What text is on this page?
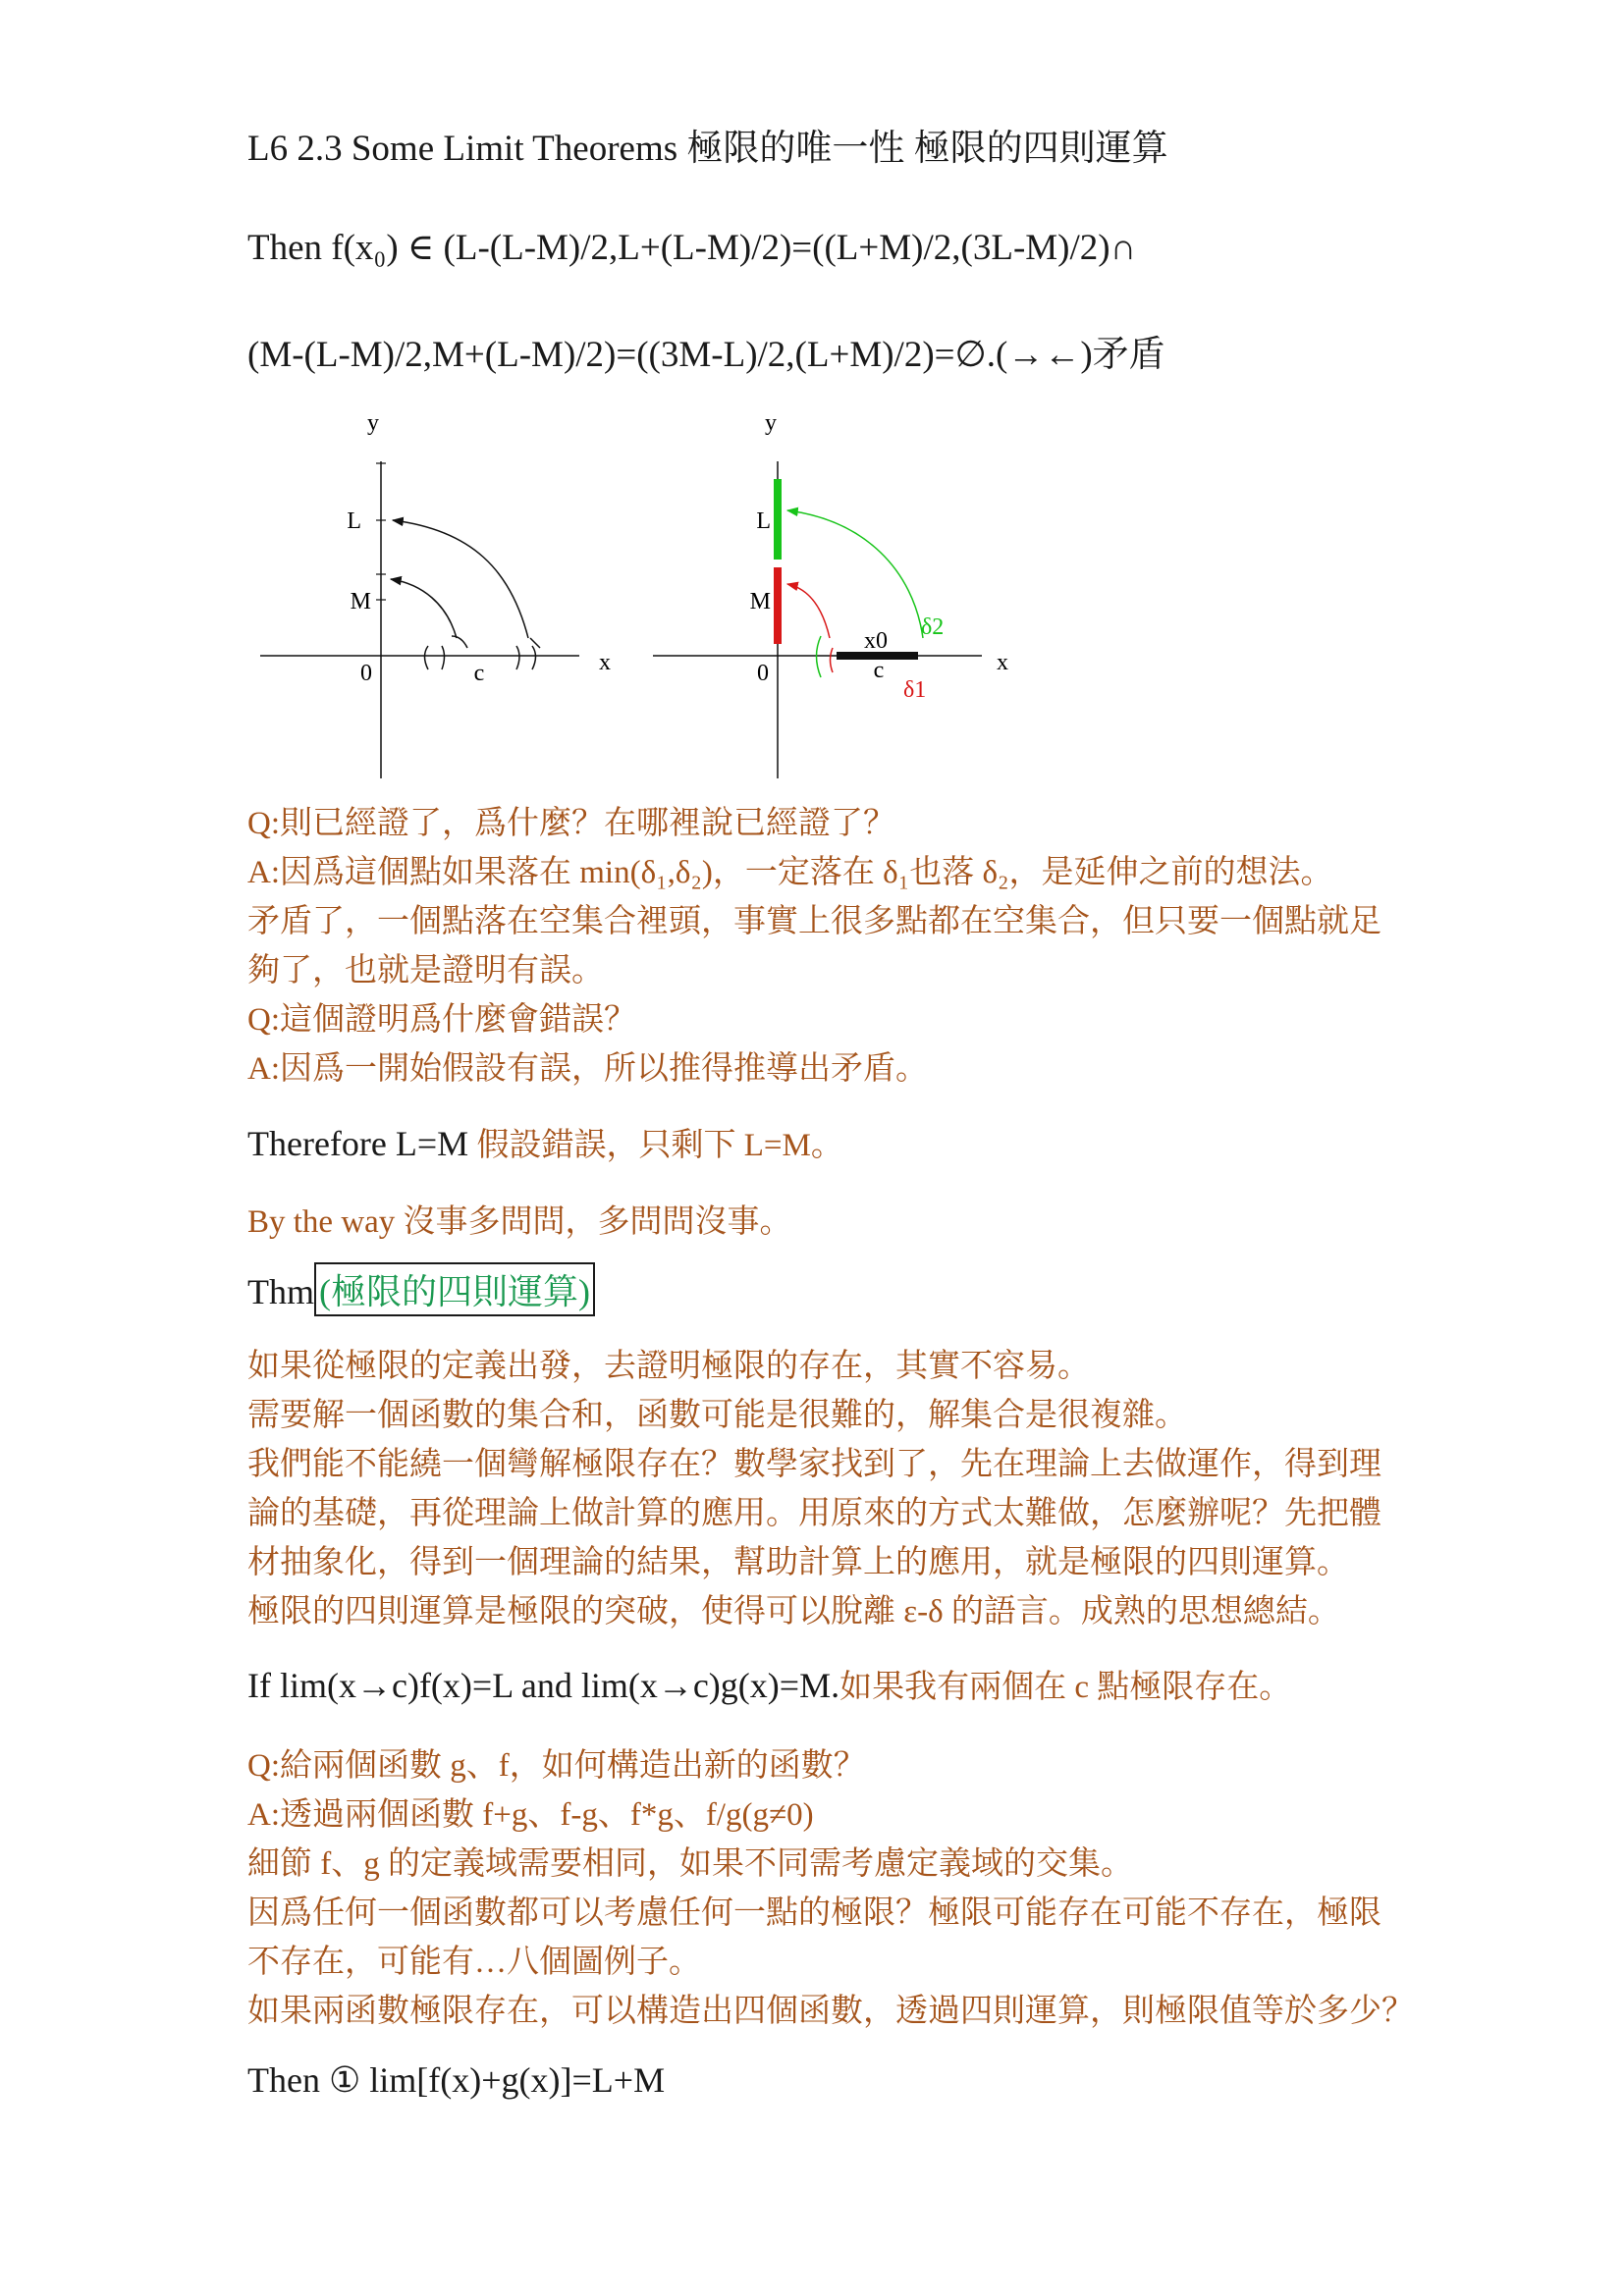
L6 2.3 Some Limit Theorems 極限的唯一性 極限的四則運算
Then f(x₀) ∈ (L-(L-M)/2,L+(L-M)/2)=((L+M)/2,(3L-M)/2)∩
(M-(L-M)/2,M+(L-M)/2)=((3M-L)/2,(L+M)/2)=∅.(→←)矛盾
y
x
0
L
M
c
y
x
0
L
M
c
x0
δ2
δ1
Q:則已經證了，爲什麼？在哪裡說已經證了？
A:因爲這個點如果落在 min(δ₁,δ₂)，一定落在 δ₁也落 δ₂，是延伸之前的想法。
矛盾了，一個點落在空集合裡頭，事實上很多點都在空集合，但只要一個點就足
夠了，也就是證明有誤。
Q:這個證明爲什麼會錯誤？
A:因爲一開始假設有誤，所以推得推導出矛盾。
Therefore L=M 假設錯誤，只剩下 L=M。
By the way 沒事多問問，多問問沒事。
Thm (極限的四則運算)
如果從極限的定義出發，去證明極限的存在，其實不容易。
需要解一個函數的集合和，函數可能是很難的，解集合是很複雜。
我們能不能繞一個彎解極限存在？數學家找到了，先在理論上去做運作，得到理
論的基礎，再從理論上做計算的應用。用原來的方式太難做，怎麼辦呢？先把體
材抽象化，得到一個理論的結果，幫助計算上的應用，就是極限的四則運算。
極限的四則運算是極限的突破，使得可以脫離 ε-δ 的語言。成熟的思想總結。
If lim(x→c)f(x)=L and lim(x→c)g(x)=M.如果我有兩個在 c 點極限存在。
Q:給兩個函數 g、f，如何構造出新的函數？
A:透過兩個函數 f+g、f-g、f*g、f/g(g≠0)
細節 f、g 的定義域需要相同，如果不同需考慮定義域的交集。
因爲任何一個函數都可以考慮任何一點的極限？極限可能存在可能不存在，極限
不存在，可能有…八個圖例子。
如果兩函數極限存在，可以構造出四個函數，透過四則運算，則極限值等於多少？
Then ① lim[f(x)+g(x)]=L+M
